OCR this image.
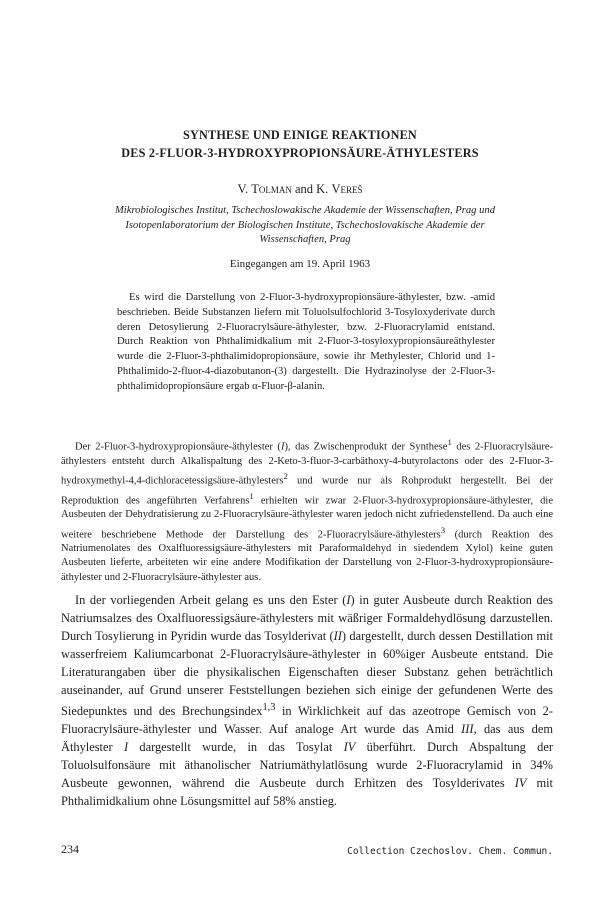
SYNTHESE UND EINIGE REAKTIONEN
DES 2-FLUOR-3-HYDROXYPROPIONSÄURE-ÄTHYLESTERS
V. Tolman and K. Vereš
Mikrobiologisches Institut, Tschechoslowakische Akademie der Wissenschaften, Prag und Isotopenlaboratorium der Biologischen Institute, Tschechoslovakische Akademie der Wissenschaften, Prag
Eingegangen am 19. April 1963

Es wird die Darstellung von 2-Fluor-3-hydroxypropionsäure-äthylester, bzw. -amid beschrieben. Beide Substanzen liefern mit Toluolsulfochlorid 3-Tosyloxyderivate durch deren Detosylierung 2-Fluoracrylsäure-äthylester, bzw. 2-Fluoracrylamid entstand. Durch Reaktion von Phthalimidkalium mit 2-Fluor-3-tosyloxypropionsäureäthylester wurde die 2-Fluor-3-phthalimidopropionsäure, sowie ihr Methylester, Chlorid und 1-Phthalimido-2-fluor-4-diazobutanon-(3) dargestellt. Die Hydrazinolyse der 2-Fluor-3-phthalimidopropionsäure ergab α-Fluor-β-alanin.

Der 2-Fluor-3-hydroxypropionsäure-äthylester (I), das Zwischenprodukt der Synthese$^1$ des 2-Fluoracrylsäure-äthylesters entsteht durch Alkalispaltung des 2-Keto-3-fluor-3-carbäthoxy-4-butyrolactons oder des 2-Fluor-3-hydroxymethyl-4,4-dichloracetessigsäure-äthylesters$^2$ und wurde nur als Rohprodukt hergestellt. Bei der Reproduktion des angeführten Verfahrens$^1$ erhielten wir zwar 2-Fluor-3-hydroxypropionsäure-äthylester, die Ausbeuten der Dehydratisierung zu 2-Fluoracrylsäure-äthylester waren jedoch nicht zufriedenstellend. Da auch eine weitere beschriebene Methode der Darstellung des 2-Fluoracrylsäure-äthylesters$^3$ (durch Reaktion des Natriumenolates des Oxalfluoressigsäure-äthylesters mit Paraformaldehyd in siedendem Xylol) keine guten Ausbeuten lieferte, arbeiteten wir eine andere Modifikation der Darstellung von 2-Fluor-3-hydroxypropionsäure-äthylester und 2-Fluoracrylsäure-äthylester aus.

In der vorliegenden Arbeit gelang es uns den Ester (I) in guter Ausbeute durch Reaktion des Natriumsalzes des Oxalfluoressigsäure-äthylesters mit wäßriger Formaldehydlösung darzustellen. Durch Tosylierung in Pyridin wurde das Tosylderivat (II) dargestellt, durch dessen Destillation mit wasserfreiem Kaliumcarbonat 2-Fluoracrylsäure-äthylester in 60%iger Ausbeute entstand. Die Literaturangaben über die physikalischen Eigenschaften dieser Substanz gehen beträchtlich auseinander, auf Grund unserer Feststellungen beziehen sich einige der gefundenen Werte des Siedepunktes und des Brechungsindex$^{1,3}$ in Wirklichkeit auf das azeotrope Gemisch von 2-Fluoracrylsäure-äthylester und Wasser. Auf analoge Art wurde das Amid III, das aus dem Äthylester I dargestellt wurde, in das Tosylat IV überführt. Durch Abspaltung der Toluolsulfonsäure mit äthanolischer Natriumäthylatlösung wurde 2-Fluoracrylamid in 34% Ausbeute gewonnen, während die Ausbeute durch Erhitzen des Tosylderivates IV mit Phthalimidkalium ohne Lösungsmittel auf 58% anstieg.

234	Collection Czechoslov. Chem. Commun.
